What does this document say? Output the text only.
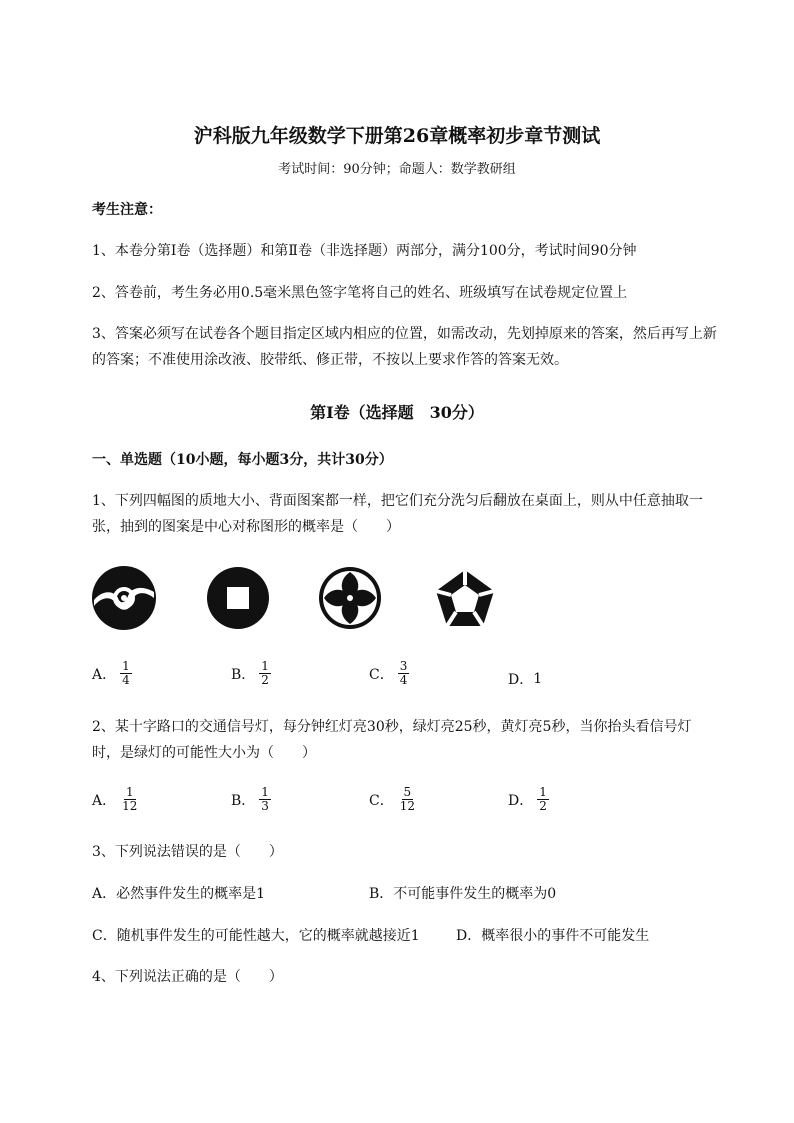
沪科版九年级数学下册第26章概率初步章节测试
考试时间：90分钟；命题人：数学教研组
考生注意：
1、本卷分第Ⅰ卷（选择题）和第Ⅱ卷（非选择题）两部分，满分100分，考试时间90分钟
2、答卷前，考生务必用0.5毫米黑色签字笔将自己的姓名、班级填写在试卷规定位置上
3、答案必须写在试卷各个题目指定区域内相应的位置，如需改动，先划掉原来的答案，然后再写上新
的答案；不准使用涂改液、胶带纸、修正带，不按以上要求作答的答案无效。
第Ⅰ卷（选择题　30分）
一、单选题（10小题，每小题3分，共计30分）
1、下列四幅图的质地大小、背面图案都一样，把它们充分洗匀后翻放在桌面上，则从中任意抽取一
张，抽到的图案是中心对称图形的概率是（　　）
A． $\frac{1}{4}$	B． $\frac{1}{2}$	C． $\frac{3}{4}$	D． 1
2、某十字路口的交通信号灯，每分钟红灯亮30秒，绿灯亮25秒，黄灯亮5秒，当你抬头看信号灯
时，是绿灯的可能性大小为（　　）
A． $\frac{1}{12}$	B． $\frac{1}{3}$	C． $\frac{5}{12}$	D． $\frac{1}{2}$
3、下列说法错误的是（　　）
A．必然事件发生的概率是1	B．不可能事件发生的概率为0
C．随机事件发生的可能性越大，它的概率就越接近1	D．概率很小的事件不可能发生
4、下列说法正确的是（　　）
